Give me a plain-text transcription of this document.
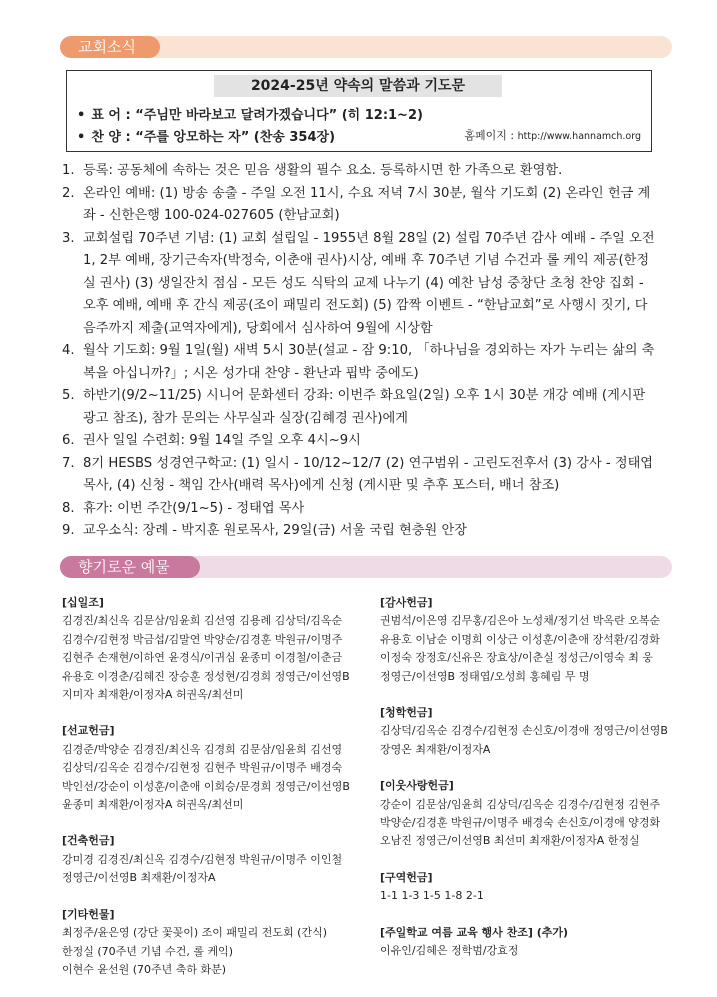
교회소식
2024-25년 약속의 말씀과 기도문
• 표 어 : “주님만 바라보고 달려가겠습니다” (히 12:1~2)
• 찬 양 : “주를 앙모하는 자” (찬송 354장)	홈페이지 : http://www.hannamch.org
1. 등록: 공동체에 속하는 것은 믿음 생활의 필수 요소. 등록하시면 한 가족으로 환영함.
2. 온라인 예배: (1) 방송 송출 - 주일 오전 11시, 수요 저녁 7시 30분, 월삭 기도회 (2) 온라인 헌금 계좌 - 신한은행 100-024-027605 (한남교회)
3. 교회설립 70주년 기념: (1) 교회 설립일 - 1955년 8월 28일 (2) 설립 70주년 감사 예배 - 주일 오전 1, 2부 예배, 장기근속자(박정숙, 이춘애 권사)시상, 예배 후 70주년 기념 수건과 롤 케익 제공(한정실 권사) (3) 생일잔치 점심 - 모든 성도 식탁의 교제 나누기 (4) 예찬 남성 중창단 초청 찬양 집회 - 오후 예배, 예배 후 간식 제공(조이 패밀리 전도회) (5) 깜짝 이벤트 - “한남교회”로 사행시 짓기, 다음주까지 제출(교역자에게), 당회에서 심사하여 9월에 시상함
4. 월삭 기도회: 9월 1일(월) 새벽 5시 30분(설교 - 잠 9:10, 「하나님을 경외하는 자가 누리는 삶의 축복을 아십니까?」; 시온 성가대 찬양 - 환난과 핍박 중에도)
5. 하반기(9/2~11/25) 시니어 문화센터 강좌: 이번주 화요일(2일) 오후 1시 30분 개강 예배 (게시판 광고 참조), 참가 문의는 사무실과 실장(김혜경 권사)에게
6. 권사 일일 수련회: 9월 14일 주일 오후 4시~9시
7. 8기 HESBS 성경연구학교: (1) 일시 - 10/12~12/7 (2) 연구범위 - 고린도전후서 (3) 강사 - 정태엽 목사, (4) 신청 - 책임 간사(배력 목사)에게 신청 (게시판 및 추후 포스터, 배너 참조)
8. 휴가: 이번 주간(9/1~5) - 정태엽 목사
9. 교우소식: 장례 - 박지훈 원로목사, 29일(금) 서울 국립 현충원 안장
향기로운 예물
[십일조]
김경진/최신옥 김문삼/임윤희 김선영 김용례 김상덕/김옥순
김경수/김현정 박금섭/김말연 박양순/김경훈 박원규/이명주
김현주 손재현/이하연 윤경식/이귀심 윤종미 이경철/이춘금
유용호 이경춘/김혜진 장승훈 정성현/김경희 정영근/이선영B
지미자 최재환/이정자A 허권옥/최선미
[선교헌금]
김경준/박양순 김경진/최신옥 김경희 김문삼/임윤희 김선영
김상덕/김옥순 김경수/김현정 김현주 박원규/이명주 배경숙
박인선/강순이 이성훈/이춘애 이희승/문경희 정영근/이선영B
윤종미 최재환/이정자A 허권옥/최선미
[건축헌금]
강미경 김경진/최신옥 김경수/김현정 박원규/이명주 이인철
정영근/이선영B 최재환/이정자A
[기타헌물]
최정주/윤은영 (강단 꽃꽂이) 조이 패밀리 전도회 (간식)
한정실 (70주년 기념 수건, 롤 케익)
이현수 윤선원 (70주년 축하 화분)
[감사헌금]
권범석/이은영 김무홍/김은아 노성채/정기선 박옥란 오복순
유용호 이남순 이명희 이상근 이성훈/이춘애 장석환/김경화
이정숙 장정호/신유은 장효상/이춘실 정성근/이영숙 최 웅
정영근/이선영B 정태엽/오성희 홍혜림 무 명
[청학헌금]
김상덕/김옥순 김경수/김현정 손신호/이경애 정영근/이선영B
장영온 최재환/이정자A
[이웃사랑헌금]
강순이 김문삼/임윤희 김상덕/김옥순 김경수/김현정 김현주
박양순/김경훈 박원규/이명주 배경숙 손신호/이경애 양경화
오남진 정영근/이선영B 최선미 최재환/이정자A 한정실
[구역헌금]
1-1 1-3 1-5 1-8 2-1
[주일학교 여름 교육 행사 찬조] (추가)
이유인/김혜은 정학범/강효정
